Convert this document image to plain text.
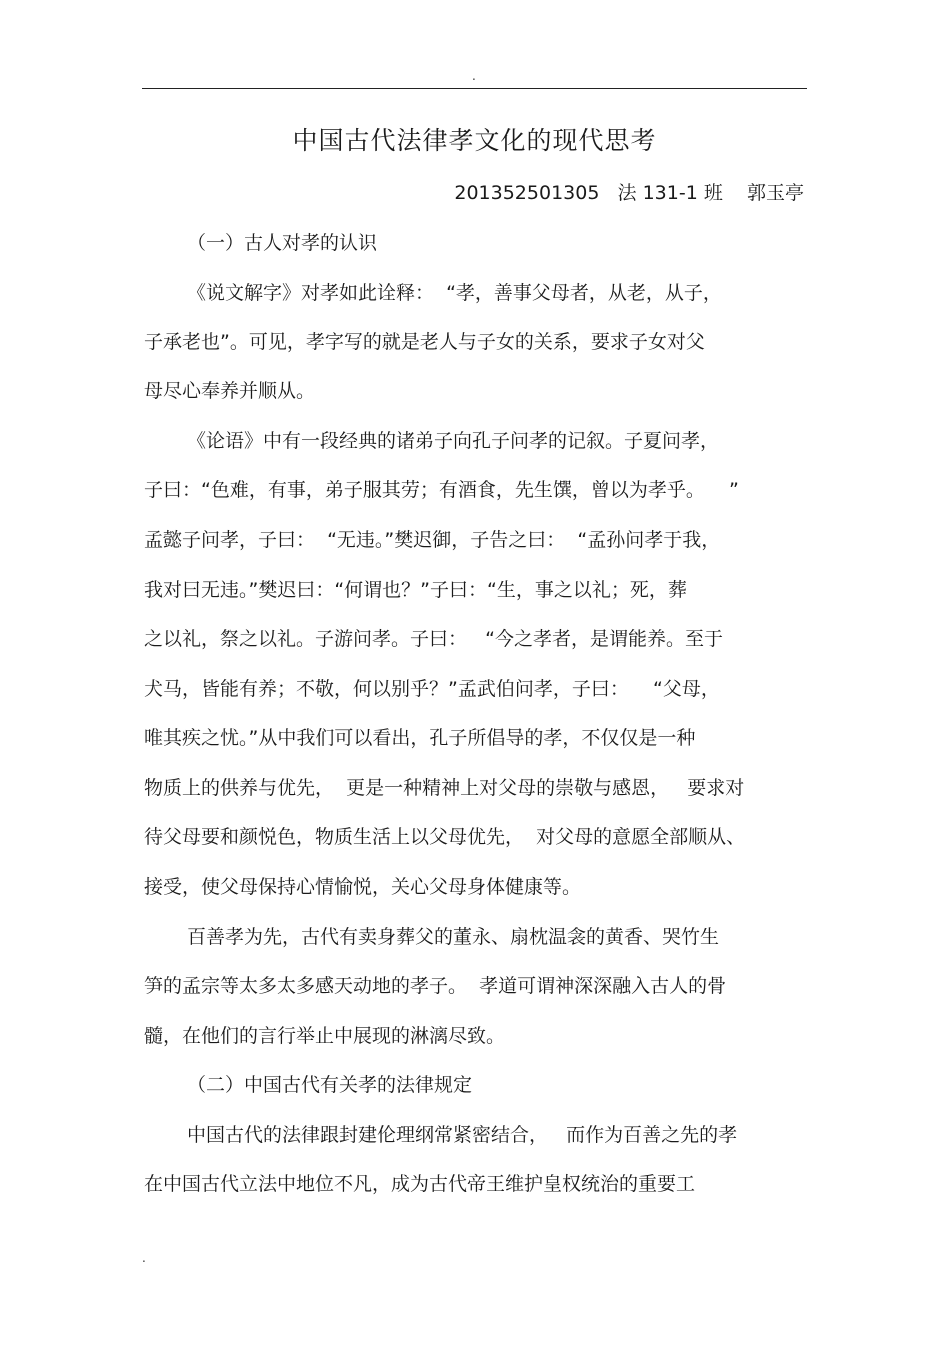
.
中国古代法律孝文化的现代思考
201352501305   法 131-1 班    郭玉亭
（一）古人对孝的认识
《说文解字》对孝如此诠释：  “孝，善事父母者，从老，从子，
子承老也”。可见，孝字写的就是老人与子女的关系，要求子女对父
母尽心奉养并顺从。
《论语》中有一段经典的诸弟子向孔子问孝的记叙。子夏问孝，
子曰：“色难，有事，弟子服其劳；有酒食，先生馔，曾以为孝乎。    ”
孟懿子问孝，子曰：  “无违。”樊迟御，子告之曰：  “孟孙问孝于我，
我对曰无违。”樊迟曰：“何谓也？”子曰：“生，事之以礼；死，葬
之以礼，祭之以礼。子游问孝。子曰：   “今之孝者，是谓能养。至于
犬马，皆能有养；不敬，何以别乎？”孟武伯问孝，子曰：    “父母，
唯其疾之忧。”从中我们可以看出，孔子所倡导的孝，不仅仅是一种
物质上的供养与优先，  更是一种精神上对父母的崇敬与感恩，   要求对
待父母要和颜悦色，物质生活上以父母优先，  对父母的意愿全部顺从、
接受，使父母保持心情愉悦，关心父母身体健康等。
百善孝为先，古代有卖身葬父的董永、扇枕温衾的黄香、哭竹生
笋的孟宗等太多太多感天动地的孝子。  孝道可谓神深深融入古人的骨
髓，在他们的言行举止中展现的淋漓尽致。
（二）中国古代有关孝的法律规定
中国古代的法律跟封建伦理纲常紧密结合，   而作为百善之先的孝
在中国古代立法中地位不凡，成为古代帝王维护皇权统治的重要工
.
